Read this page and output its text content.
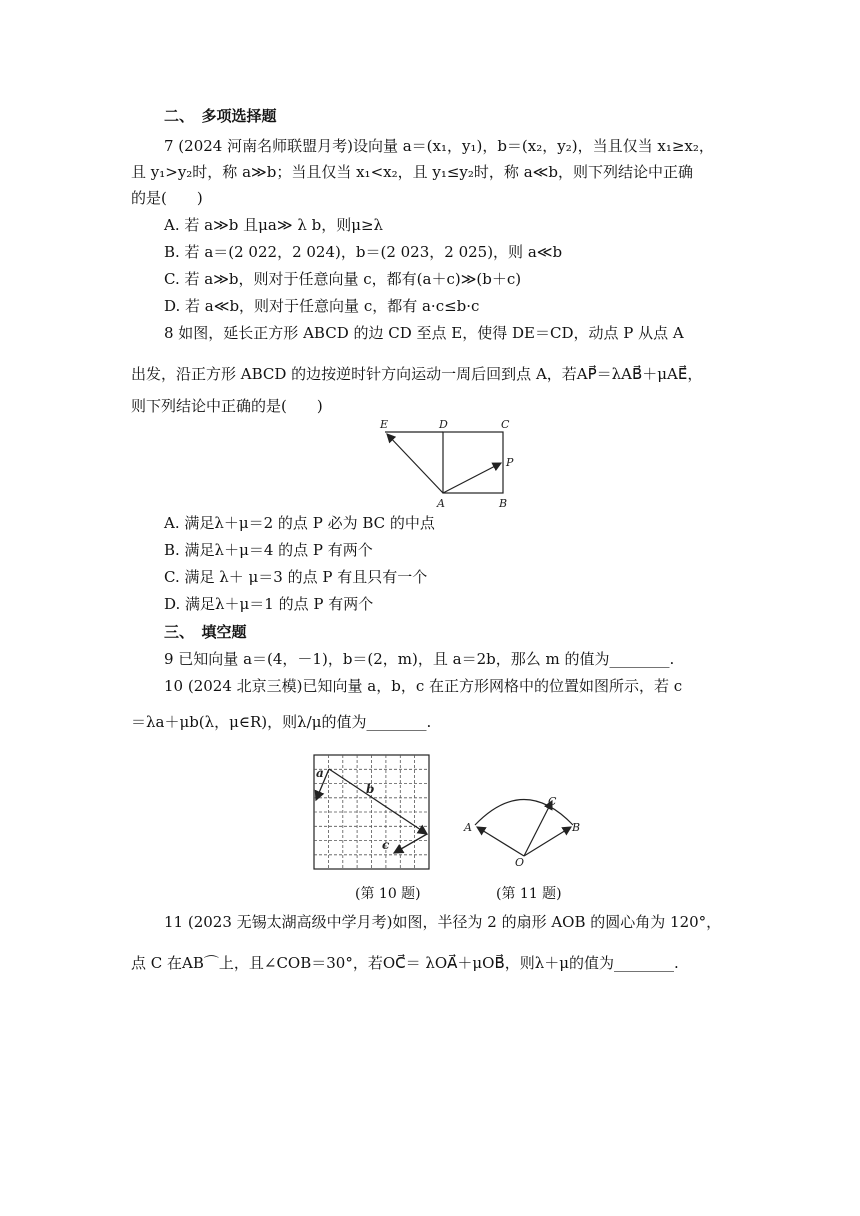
二、　多项选择题
7 (2024 河南名师联盟月考)设向量 a＝(x₁，y₁)，b＝(x₂，y₂)，当且仅当 x₁≥x₂，
且 y₁>y₂时，称 a≫b；当且仅当 x₁<x₂，且 y₁≤y₂时，称 a≪b，则下列结论中正确
的是(　　)
A. 若 a≫b 且μa≫ λ b，则μ≥λ
B. 若 a＝(2 022，2 024)，b＝(2 023，2 025)，则 a≪b
C. 若 a≫b，则对于任意向量 c，都有(a＋c)≫(b＋c)
D. 若 a≪b，则对于任意向量 c，都有 a·c≤b·c
8 如图，延长正方形 ABCD 的边 CD 至点 E，使得 DE＝CD，动点 P 从点 A
出发，沿正方形 ABCD 的边按逆时针方向运动一周后回到点 A，若AP⃗＝λAB⃗＋μAE⃗，
则下列结论中正确的是(　　)
E	D	C
P
A	B
A. 满足λ＋μ＝2 的点 P 必为 BC 的中点
B. 满足λ＋μ＝4 的点 P 有两个
C. 满足 λ＋ μ＝3 的点 P 有且只有一个
D. 满足λ＋μ＝1 的点 P 有两个
三、　填空题
9 已知向量 a＝(4，－1)，b＝(2，m)，且 a＝2b，那么 m 的值为________.
10 (2024 北京三模)已知向量 a，b，c 在正方形网格中的位置如图所示，若 c
＝λa＋μb(λ，μ∈R)，则λ/μ的值为________.
a
b
c
A	B
C
O
(第 10 题)	(第 11 题)
11 (2023 无锡太湖高级中学月考)如图，半径为 2 的扇形 AOB 的圆心角为 120°，
点 C 在AB⌒上，且∠COB＝30°，若OC⃗＝ λOA⃗＋μOB⃗，则λ＋μ的值为________.
